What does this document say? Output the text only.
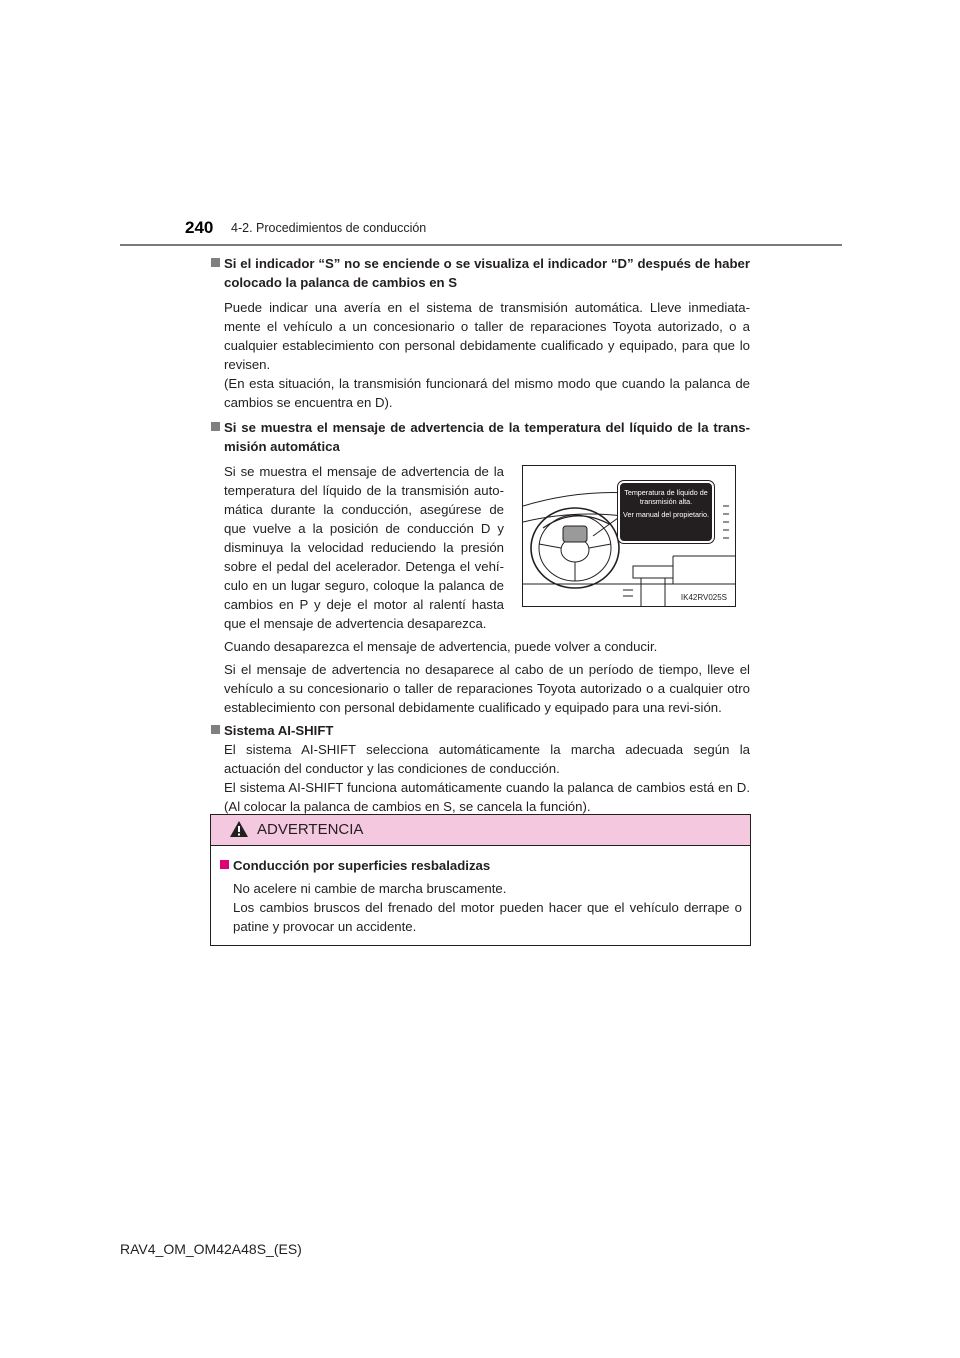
240 4-2. Procedimientos de conducción
Si el indicador “S” no se enciende o se visualiza el indicador “D” después de haber colocado la palanca de cambios en S
Puede indicar una avería en el sistema de transmisión automática. Lleve inmediata-mente el vehículo a un concesionario o taller de reparaciones Toyota autorizado, o a cualquier establecimiento con personal debidamente cualificado y equipado, para que lo revisen.
(En esta situación, la transmisión funcionará del mismo modo que cuando la palanca de cambios se encuentra en D).
Si se muestra el mensaje de advertencia de la temperatura del líquido de la trans-misión automática
Si se muestra el mensaje de advertencia de la temperatura del líquido de la transmisión auto-mática durante la conducción, asegúrese de que vuelve a la posición de conducción D y disminuya la velocidad reduciendo la presión sobre el pedal del acelerador. Detenga el vehí-culo en un lugar seguro, coloque la palanca de cambios en P y deje el motor al ralentí hasta que el mensaje de advertencia desaparezca.
Temperatura de líquido de transmisión alta.
Ver manual del propietario.
IK42RV025S
Cuando desaparezca el mensaje de advertencia, puede volver a conducir.
Si el mensaje de advertencia no desaparece al cabo de un período de tiempo, lleve el vehículo a su concesionario o taller de reparaciones Toyota autorizado o a cualquier otro establecimiento con personal debidamente cualificado y equipado para una revi-sión.
Sistema AI-SHIFT
El sistema AI-SHIFT selecciona automáticamente la marcha adecuada según la actuación del conductor y las condiciones de conducción.
El sistema AI-SHIFT funciona automáticamente cuando la palanca de cambios está en D. (Al colocar la palanca de cambios en S, se cancela la función).
ADVERTENCIA
Conducción por superficies resbaladizas
No acelere ni cambie de marcha bruscamente.
Los cambios bruscos del frenado del motor pueden hacer que el vehículo derrape o patine y provocar un accidente.
RAV4_OM_OM42A48S_(ES)
